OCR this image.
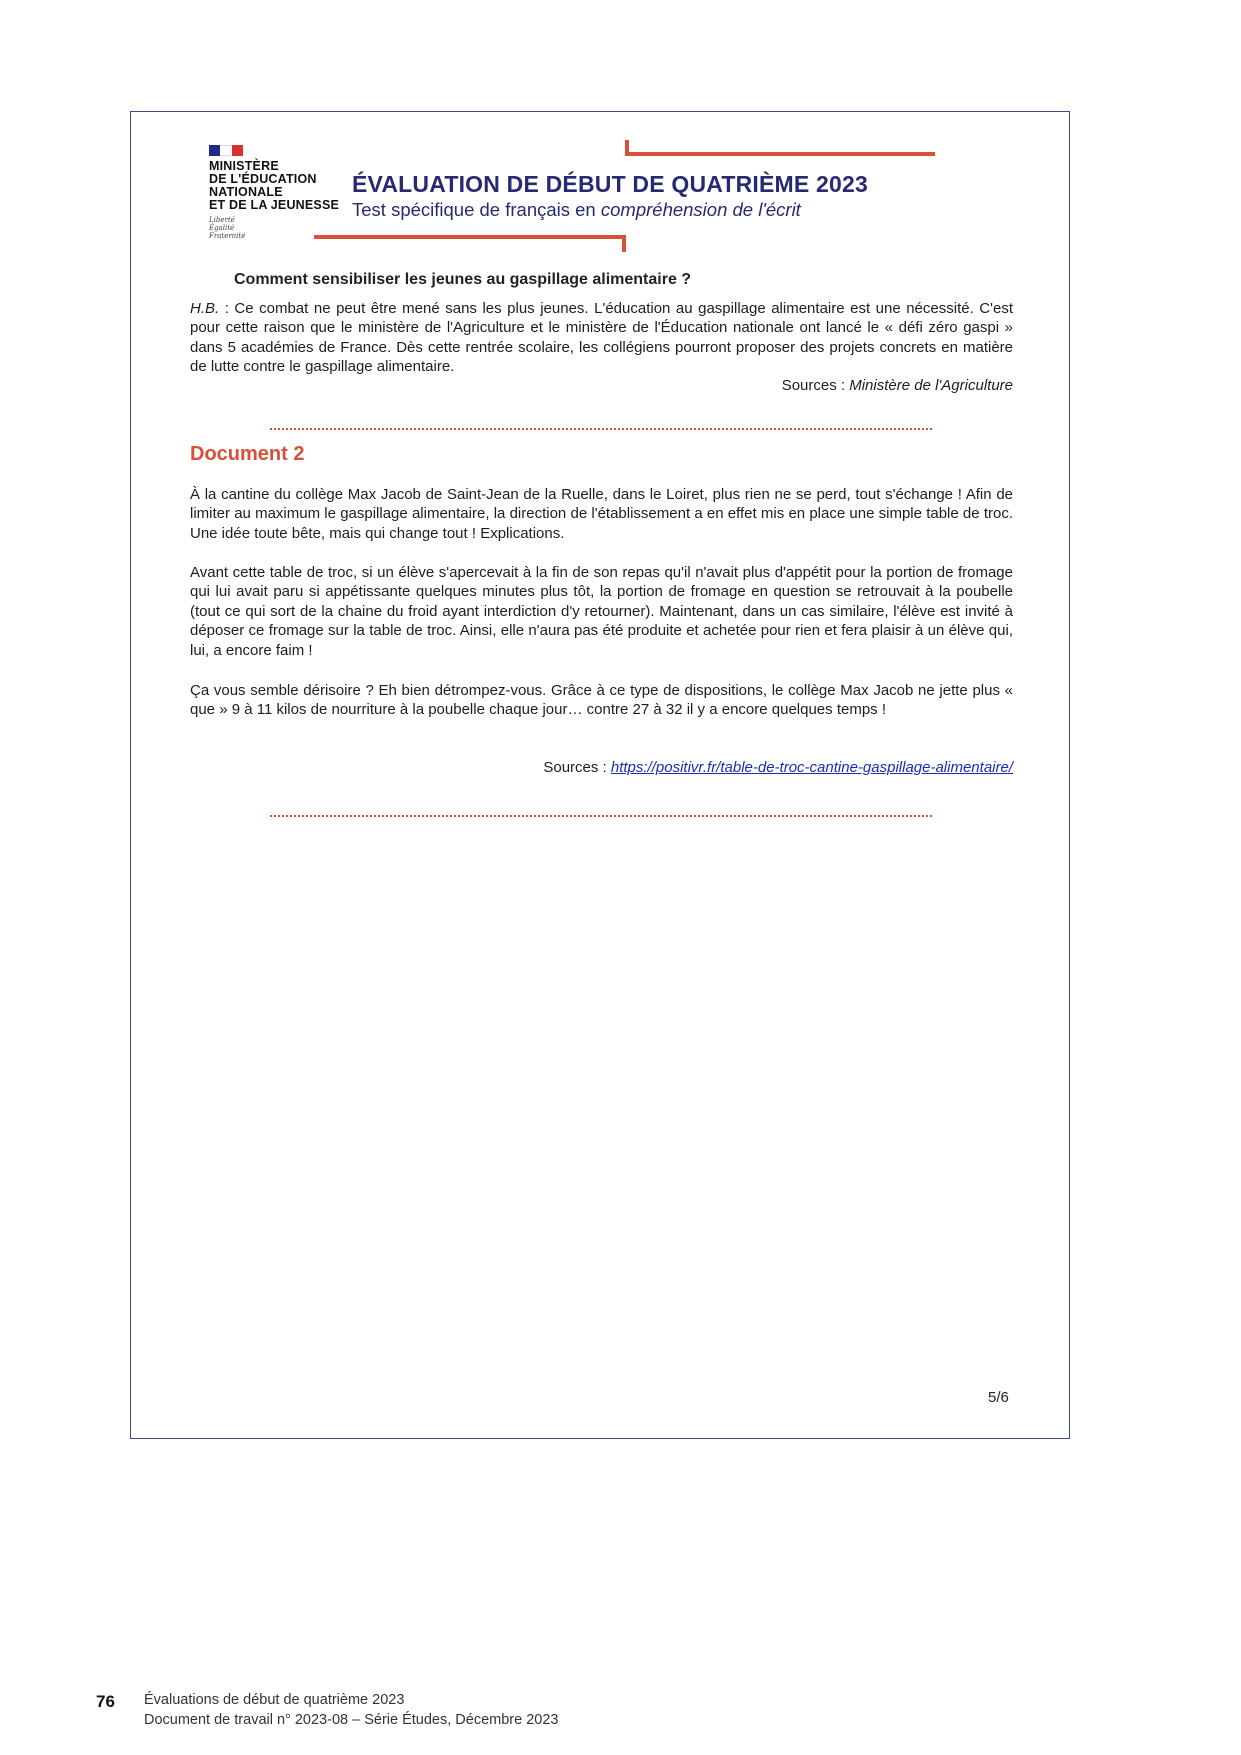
MINISTÈRE
DE L'ÉDUCATION
NATIONALE
ET DE LA JEUNESSE
Liberté
Égalité
Fraternité
ÉVALUATION DE DÉBUT DE QUATRIÈME 2023
Test spécifique de français en compréhension de l'écrit
Comment sensibiliser les jeunes au gaspillage alimentaire ?
H.B. : Ce combat ne peut être mené sans les plus jeunes. L'éducation au gaspillage alimentaire est une nécessité. C'est pour cette raison que le ministère de l'Agriculture et le ministère de l'Éducation nationale ont lancé le « défi zéro gaspi » dans 5 académies de France. Dès cette rentrée scolaire, les collégiens pourront proposer des projets concrets en matière de lutte contre le gaspillage alimentaire.
Sources : Ministère de l'Agriculture
Document 2
À la cantine du collège Max Jacob de Saint-Jean de la Ruelle, dans le Loiret, plus rien ne se perd, tout s'échange ! Afin de limiter au maximum le gaspillage alimentaire, la direction de l'établissement a en effet mis en place une simple table de troc. Une idée toute bête, mais qui change tout ! Explications.
Avant cette table de troc, si un élève s'apercevait à la fin de son repas qu'il n'avait plus d'appétit pour la portion de fromage qui lui avait paru si appétissante quelques minutes plus tôt, la portion de fromage en question se retrouvait à la poubelle (tout ce qui sort de la chaine du froid ayant interdiction d'y retourner). Maintenant, dans un cas similaire, l'élève est invité à déposer ce fromage sur la table de troc. Ainsi, elle n'aura pas été produite et achetée pour rien et fera plaisir à un élève qui, lui, a encore faim !
Ça vous semble dérisoire ? Eh bien détrompez-vous. Grâce à ce type de dispositions, le collège Max Jacob ne jette plus « que » 9 à 11 kilos de nourriture à la poubelle chaque jour… contre 27 à 32 il y a encore quelques temps !
Sources : https://positivr.fr/table-de-troc-cantine-gaspillage-alimentaire/
5/6
76 Évaluations de début de quatrième 2023
Document de travail n° 2023-08 – Série Études, Décembre 2023
